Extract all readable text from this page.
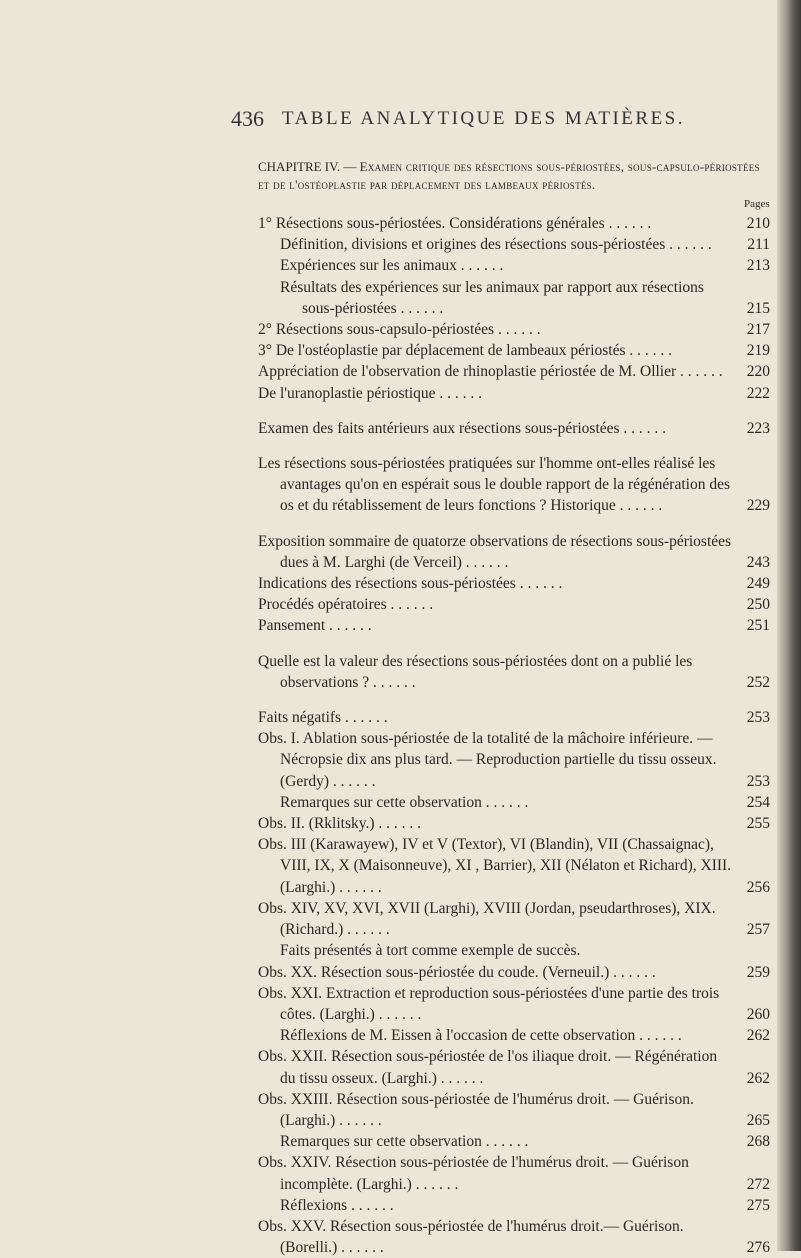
436 TABLE ANALYTIQUE DES MATIÈRES.
CHAPITRE IV. — Examen critique des résections sous-périostées, sous-capsulo-périostées et de l'ostéoplastie par déplacement des lambeaux périostés.
Pages
1° Résections sous-périostées. Considérations générales . . . . . .	210
Définition, divisions et origines des résections sous-périostées . . . . . .	211
Expériences sur les animaux . . . . . .	213
Résultats des expériences sur les animaux par rapport aux résections sous-périostées . . . . . .	215
2° Résections sous-capsulo-périostées . . . . . .	217
3° De l'ostéoplastie par déplacement de lambeaux périostés . . . . . .	219
Appréciation de l'observation de rhinoplastie périostée de M. Ollier . . . . . .	220
De l'uranoplastie périostique . . . . . .	222
Examen des faits antérieurs aux résections sous-périostées . . . . . .	223
Les résections sous-périostées pratiquées sur l'homme ont-elles réalisé les avantages qu'on en espérait sous le double rapport de la régénération des os et du rétablissement de leurs fonctions ? Historique . . . . . .	229
Exposition sommaire de quatorze observations de résections sous-périostées dues à M. Larghi (de Verceil) . . . . . .	243
Indications des résections sous-périostées . . . . . .	249
Procédés opératoires . . . . . .	250
Pansement . . . . . .	251
Quelle est la valeur des résections sous-périostées dont on a publié les observations ? . . . . . .	252
Faits négatifs . . . . . .	253
Obs. I. Ablation sous-périostée de la totalité de la mâchoire inférieure. — Nécropsie dix ans plus tard. — Reproduction partielle du tissu osseux. (Gerdy) . . . . . .	253
Remarques sur cette observation . . . . . .	254
Obs. II. (Rklitsky.) . . . . . .	255
Obs. III (Karawayew), IV et V (Textor), VI (Blandin), VII (Chassaignac), VIII, IX, X (Maisonneuve), XI , Barrier), XII (Nélaton et Richard), XIII. (Larghi.) . . . . . .	256
Obs. XIV, XV, XVI, XVII (Larghi), XVIII (Jordan, pseudarthroses), XIX. (Richard.) . . . . . .	257
Faits présentés à tort comme exemple de succès.
Obs. XX. Résection sous-périostée du coude. (Verneuil.) . . . . . .	259
Obs. XXI. Extraction et reproduction sous-périostées d'une partie des trois côtes. (Larghi.) . . . . . .	260
Réflexions de M. Eissen à l'occasion de cette observation . . . . . .	262
Obs. XXII. Résection sous-périostée de l'os iliaque droit. — Régénération du tissu osseux. (Larghi.) . . . . . .	262
Obs. XXIII. Résection sous-périostée de l'humérus droit. — Guérison. (Larghi.) . . . . . .	265
Remarques sur cette observation . . . . . .	268
Obs. XXIV. Résection sous-périostée de l'humérus droit. — Guérison incomplète. (Larghi.) . . . . . .	272
Réflexions . . . . . .	275
Obs. XXV. Résection sous-périostée de l'humérus droit.— Guérison. (Borelli.) . . . . . .	276
